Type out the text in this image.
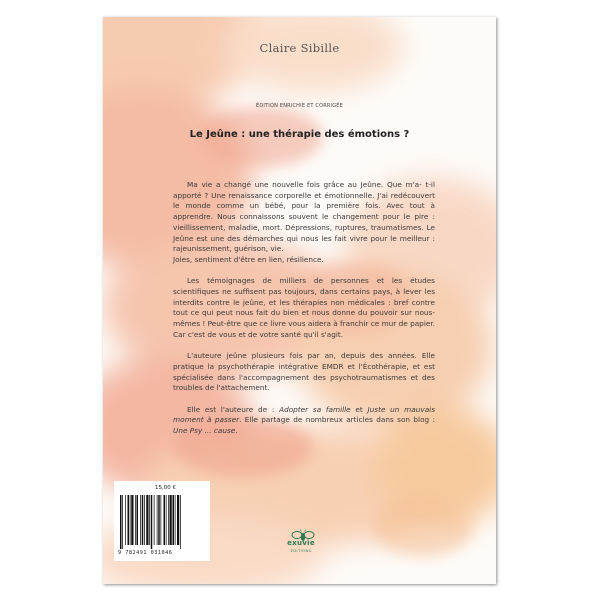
Claire Sibille
ÉDITION ENRICHIE ET CORRIGÉE
Le Jeûne : une thérapie des émotions ?

Ma vie a changé une nouvelle fois grâce au Jeûne. Que m'a- t-il apporté ? Une renaissance corporelle et émotionnelle. J'ai redécouvert le monde comme un bébé, pour la première fois. Avec tout à apprendre. Nous connaissons souvent le changement pour le pire : vieillissement, maladie, mort. Dépressions, ruptures, traumatismes. Le Jeûne est une des démarches qui nous les fait vivre pour le meilleur : rajeunissement, guérison, vie.
Joies, sentiment d'être en lien, résilience.

Les témoignages de milliers de personnes et les études scientifiques ne suffisent pas toujours, dans certains pays, à lever les interdits contre le jeûne, et les thérapies non médicales : bref contre tout ce qui peut nous fait du bien et nous donne du pouvoir sur nous-mêmes ! Peut-être que ce livre vous aidera à franchir ce mur de papier. Car c'est de vous et de votre santé qu'il s'agit.

L'auteure jeûne plusieurs fois par an, depuis des années. Elle pratique la psychothérapie intégrative EMDR et l'Écothérapie, et est spécialisée dans l'accompagnement des psychotraumatismes et des troubles de l'attachement.

Elle est l'auteure de : Adopter sa famille et Juste un mauvais moment à passer. Elle partage de nombreux articles dans son blog : Une Psy ... cause.

15,00 €
9 782491 031046
exuvie
ÉDITIONS
